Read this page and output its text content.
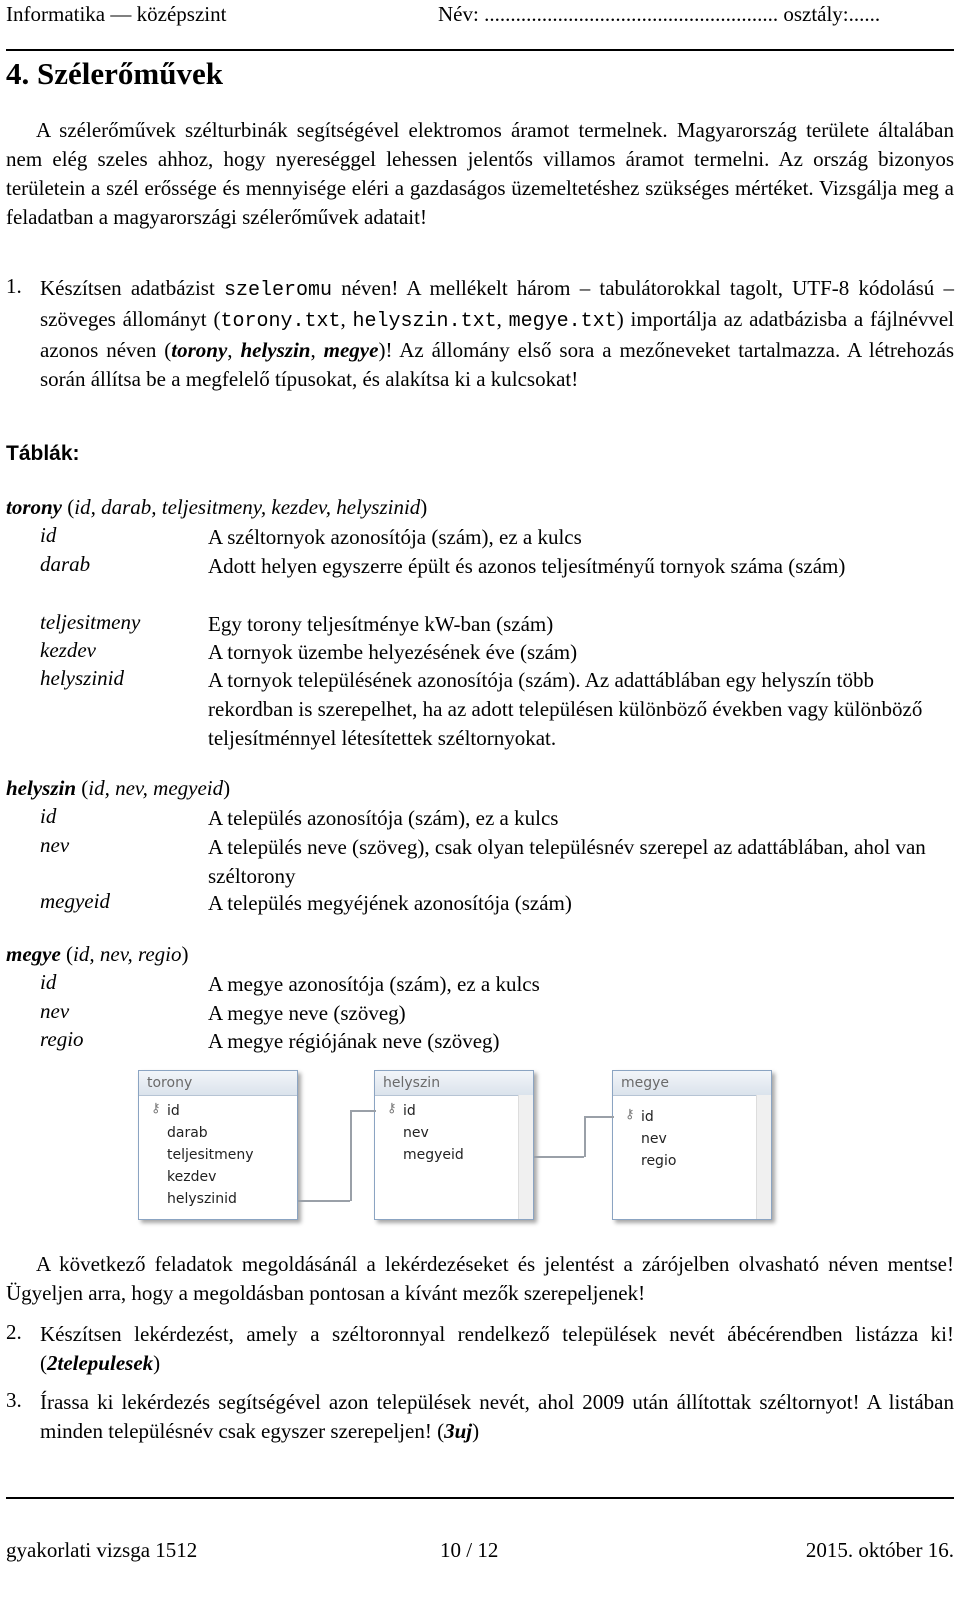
Informatika — középszint	Név: ........................................................ osztály:......
4. Szélerőművek
A szélerőművek szélturbinák segítségével elektromos áramot termelnek. Magyarország területe általában nem elég szeles ahhoz, hogy nyereséggel lehessen jelentős villamos áramot termelni. Az ország bizonyos területein a szél erőssége és mennyisége eléri a gazdaságos üzemeltetéshez szükséges mértéket. Vizsgálja meg a feladatban a magyarországi szélerőművek adatait!
1. Készítsen adatbázist szeleromu néven! A mellékelt három – tabulátorokkal tagolt, UTF-8 kódolású – szöveges állományt (torony.txt, helyszin.txt, megye.txt) importálja az adatbázisba a fájlnévvel azonos néven (torony, helyszin, megye)! Az állomány első sora a mezőneveket tartalmazza. A létrehozás során állítsa be a megfelelő típusokat, és alakítsa ki a kulcsokat!
Táblák:
torony (id, darab, teljesitmeny, kezdev, helyszinid)
id	A széltornyok azonosítója (szám), ez a kulcs
darab	Adott helyen egyszerre épült és azonos teljesítményű tornyok száma (szám)
teljesitmeny	Egy torony teljesítménye kW-ban (szám)
kezdev	A tornyok üzembe helyezésének éve (szám)
helyszinid	A tornyok településének azonosítója (szám). Az adattáblában egy helyszín több rekordban is szerepelhet, ha az adott településen különböző években vagy különböző teljesítménnyel létesítettek széltornyokat.
helyszin (id, nev, megyeid)
id	A település azonosítója (szám), ez a kulcs
nev	A település neve (szöveg), csak olyan településnév szerepel az adattáblában, ahol van széltorony
megyeid	A település megyéjének azonosítója (szám)
megye (id, nev, regio)
id	A megye azonosítója (szám), ez a kulcs
nev	A megye neve (szöveg)
regio	A megye régiójának neve (szöveg)
torony
⚷ id
darab
teljesitmeny
kezdev
helyszinid
helyszin
⚷ id
nev
megyeid
megye
⚷ id
nev
regio
A következő feladatok megoldásánál a lekérdezéseket és jelentést a zárójelben olvasható néven mentse! Ügyeljen arra, hogy a megoldásban pontosan a kívánt mezők szerepeljenek!
2. Készítsen lekérdezést, amely a széltoronnyal rendelkező települések nevét ábécérendben listázza ki! (2telepulesek)
3. Írassa ki lekérdezés segítségével azon települések nevét, ahol 2009 után állítottak széltornyot! A listában minden településnév csak egyszer szerepeljen! (3uj)
gyakorlati vizsga 1512	10 / 12	2015. október 16.
